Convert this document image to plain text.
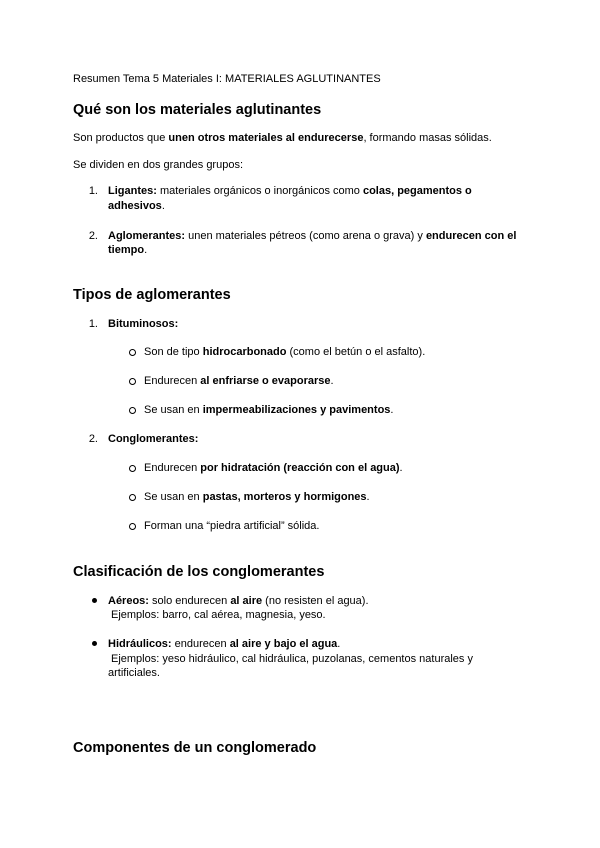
Resumen Tema 5 Materiales I: MATERIALES AGLUTINANTES
Qué son los materiales aglutinantes
Son productos que unen otros materiales al endurecerse, formando masas sólidas.
Se dividen en dos grandes grupos:
1. Ligantes: materiales orgánicos o inorgánicos como colas, pegamentos o
adhesivos.
2. Aglomerantes: unen materiales pétreos (como arena o grava) y endurecen con el
tiempo.
Tipos de aglomerantes
1. Bituminosos:
Son de tipo hidrocarbonado (como el betún o el asfalto).
Endurecen al enfriarse o evaporarse.
Se usan en impermeabilizaciones y pavimentos.
2. Conglomerantes:
Endurecen por hidratación (reacción con el agua).
Se usan en pastas, morteros y hormigones.
Forman una “piedra artificial” sólida.
Clasificación de los conglomerantes
Aéreos: solo endurecen al aire (no resisten el agua).
Ejemplos: barro, cal aérea, magnesia, yeso.
Hidráulicos: endurecen al aire y bajo el agua.
Ejemplos: yeso hidráulico, cal hidráulica, puzolanas, cementos naturales y
artificiales.
Componentes de un conglomerado
